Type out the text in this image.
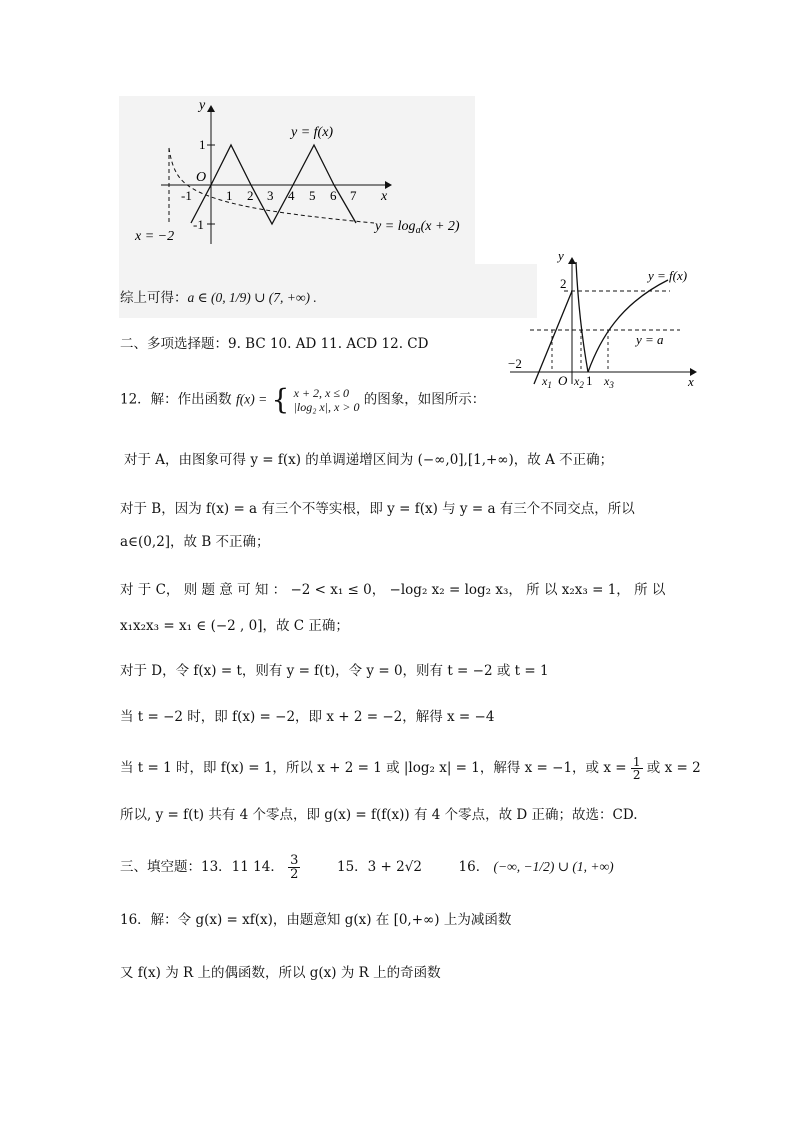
y
x
O
1
-1
-1	1 2 3 4 5 6 7
y = f(x)
x = −2
$y = \log_a(x + 2)$
y
x
2
−2
$x_1$ O $x_2$ 1 $x_3$
y = f(x)
y = a
综上可得：a ∈ (0, 1/9) ∪ (7, +∞) .
二、多项选择题：9. BC 10. AD 11. ACD 12. CD
12．解：作出函数 f(x) = { x + 2, x ≤ 0
|log₂ x|, x > 0 的图象，如图所示：
对于 A，由图象可得 y = f(x) 的单调递增区间为 (−∞,0],[1,+∞)，故 A 不正确；
对于 B，因为 f(x) = a 有三个不等实根，即 y = f(x) 与 y = a 有三个不同交点，所以
a∈(0,2]，故 B 不正确；
对 于 C， 则 题 意 可 知 ： −2 < x₁ ≤ 0， −log₂ x₂ = log₂ x₃， 所 以 x₂x₃ = 1， 所 以
x₁x₂x₃ = x₁ ∈ (−2 , 0]，故 C 正确；
对于 D，令 f(x) = t，则有 y = f(t)，令 y = 0，则有 t = −2 或 t = 1
当 t = −2 时，即 f(x) = −2，即 x + 2 = −2，解得 x = −4
当 t = 1 时，即 f(x) = 1，所以 x + 2 = 1 或 |log₂ x| = 1，解得 x = −1，或 $x = \frac{1}{2}$ 或 x = 2
所以, y = f(t) 共有 4 个零点，即 g(x) = f(f(x)) 有 4 个零点，故 D 正确；故选：CD.
三、填空题：13．11 14． $\frac{3}{2}$	15．3 + 2√2	16． (−∞, −1/2) ∪ (1, +∞)
16．解：令 g(x) = xf(x)，由题意知 g(x) 在 [0,+∞) 上为减函数
又 f(x) 为 R 上的偶函数，所以 g(x) 为 R 上的奇函数
